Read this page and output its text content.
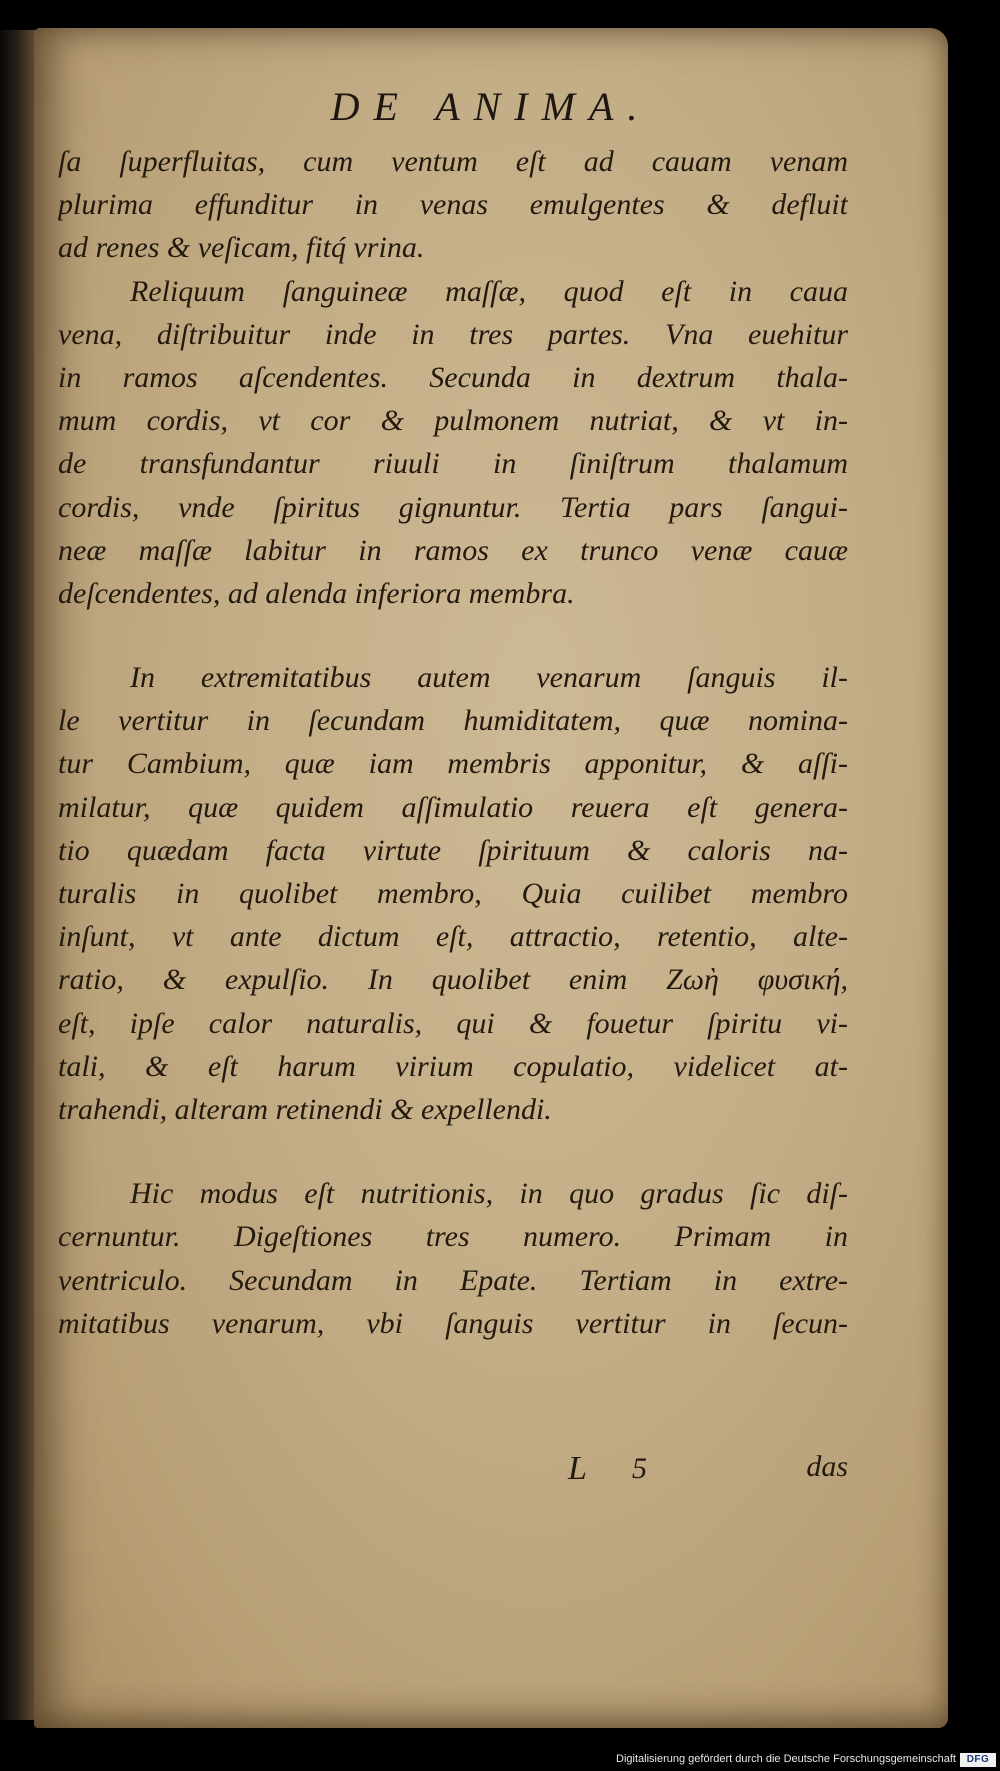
DE ANIMA.
ſa ſuperfluitas, cum ventum eſt ad cauam venam
plurima effunditur in venas emulgentes & defluit
ad renes & veſicam, fitq́ vrina.
Reliquum ſanguineæ maſſæ, quod eſt in caua
vena, diſtribuitur inde in tres partes. Vna euehitur
in ramos aſcendentes. Secunda in dextrum thala-
mum cordis, vt cor & pulmonem nutriat, & vt in-
de transfundantur riuuli in ſiniſtrum thalamum
cordis, vnde ſpiritus gignuntur. Tertia pars ſangui-
neæ maſſæ labitur in ramos ex trunco venæ cauæ
deſcendentes, ad alenda inferiora membra.
In extremitatibus autem venarum ſanguis il-
le vertitur in ſecundam humiditatem, quæ nomina-
tur Cambium, quæ iam membris apponitur, & aſſi-
milatur, quæ quidem aſſimulatio reuera eſt genera-
tio quædam facta virtute ſpirituum & caloris na-
turalis in quolibet membro, Quia cuilibet membro
inſunt, vt ante dictum eſt, attractio, retentio, alte-
ratio, & expulſio. In quolibet enim Ζωὴ φυσική,
eſt, ipſe calor naturalis, qui & fouetur ſpiritu vi-
tali, & eſt harum virium copulatio, videlicet at-
trahendi, alteram retinendi & expellendi.
Hic modus eſt nutritionis, in quo gradus ſic diſ-
cernuntur. Digeſtiones tres numero. Primam in
ventriculo. Secundam in Epate. Tertiam in extre-
mitatibus venarum, vbi ſanguis vertitur in ſecun-
L 5	das
Digitalisierung gefördert durch die Deutsche Forschungsgemeinschaft	DFG
